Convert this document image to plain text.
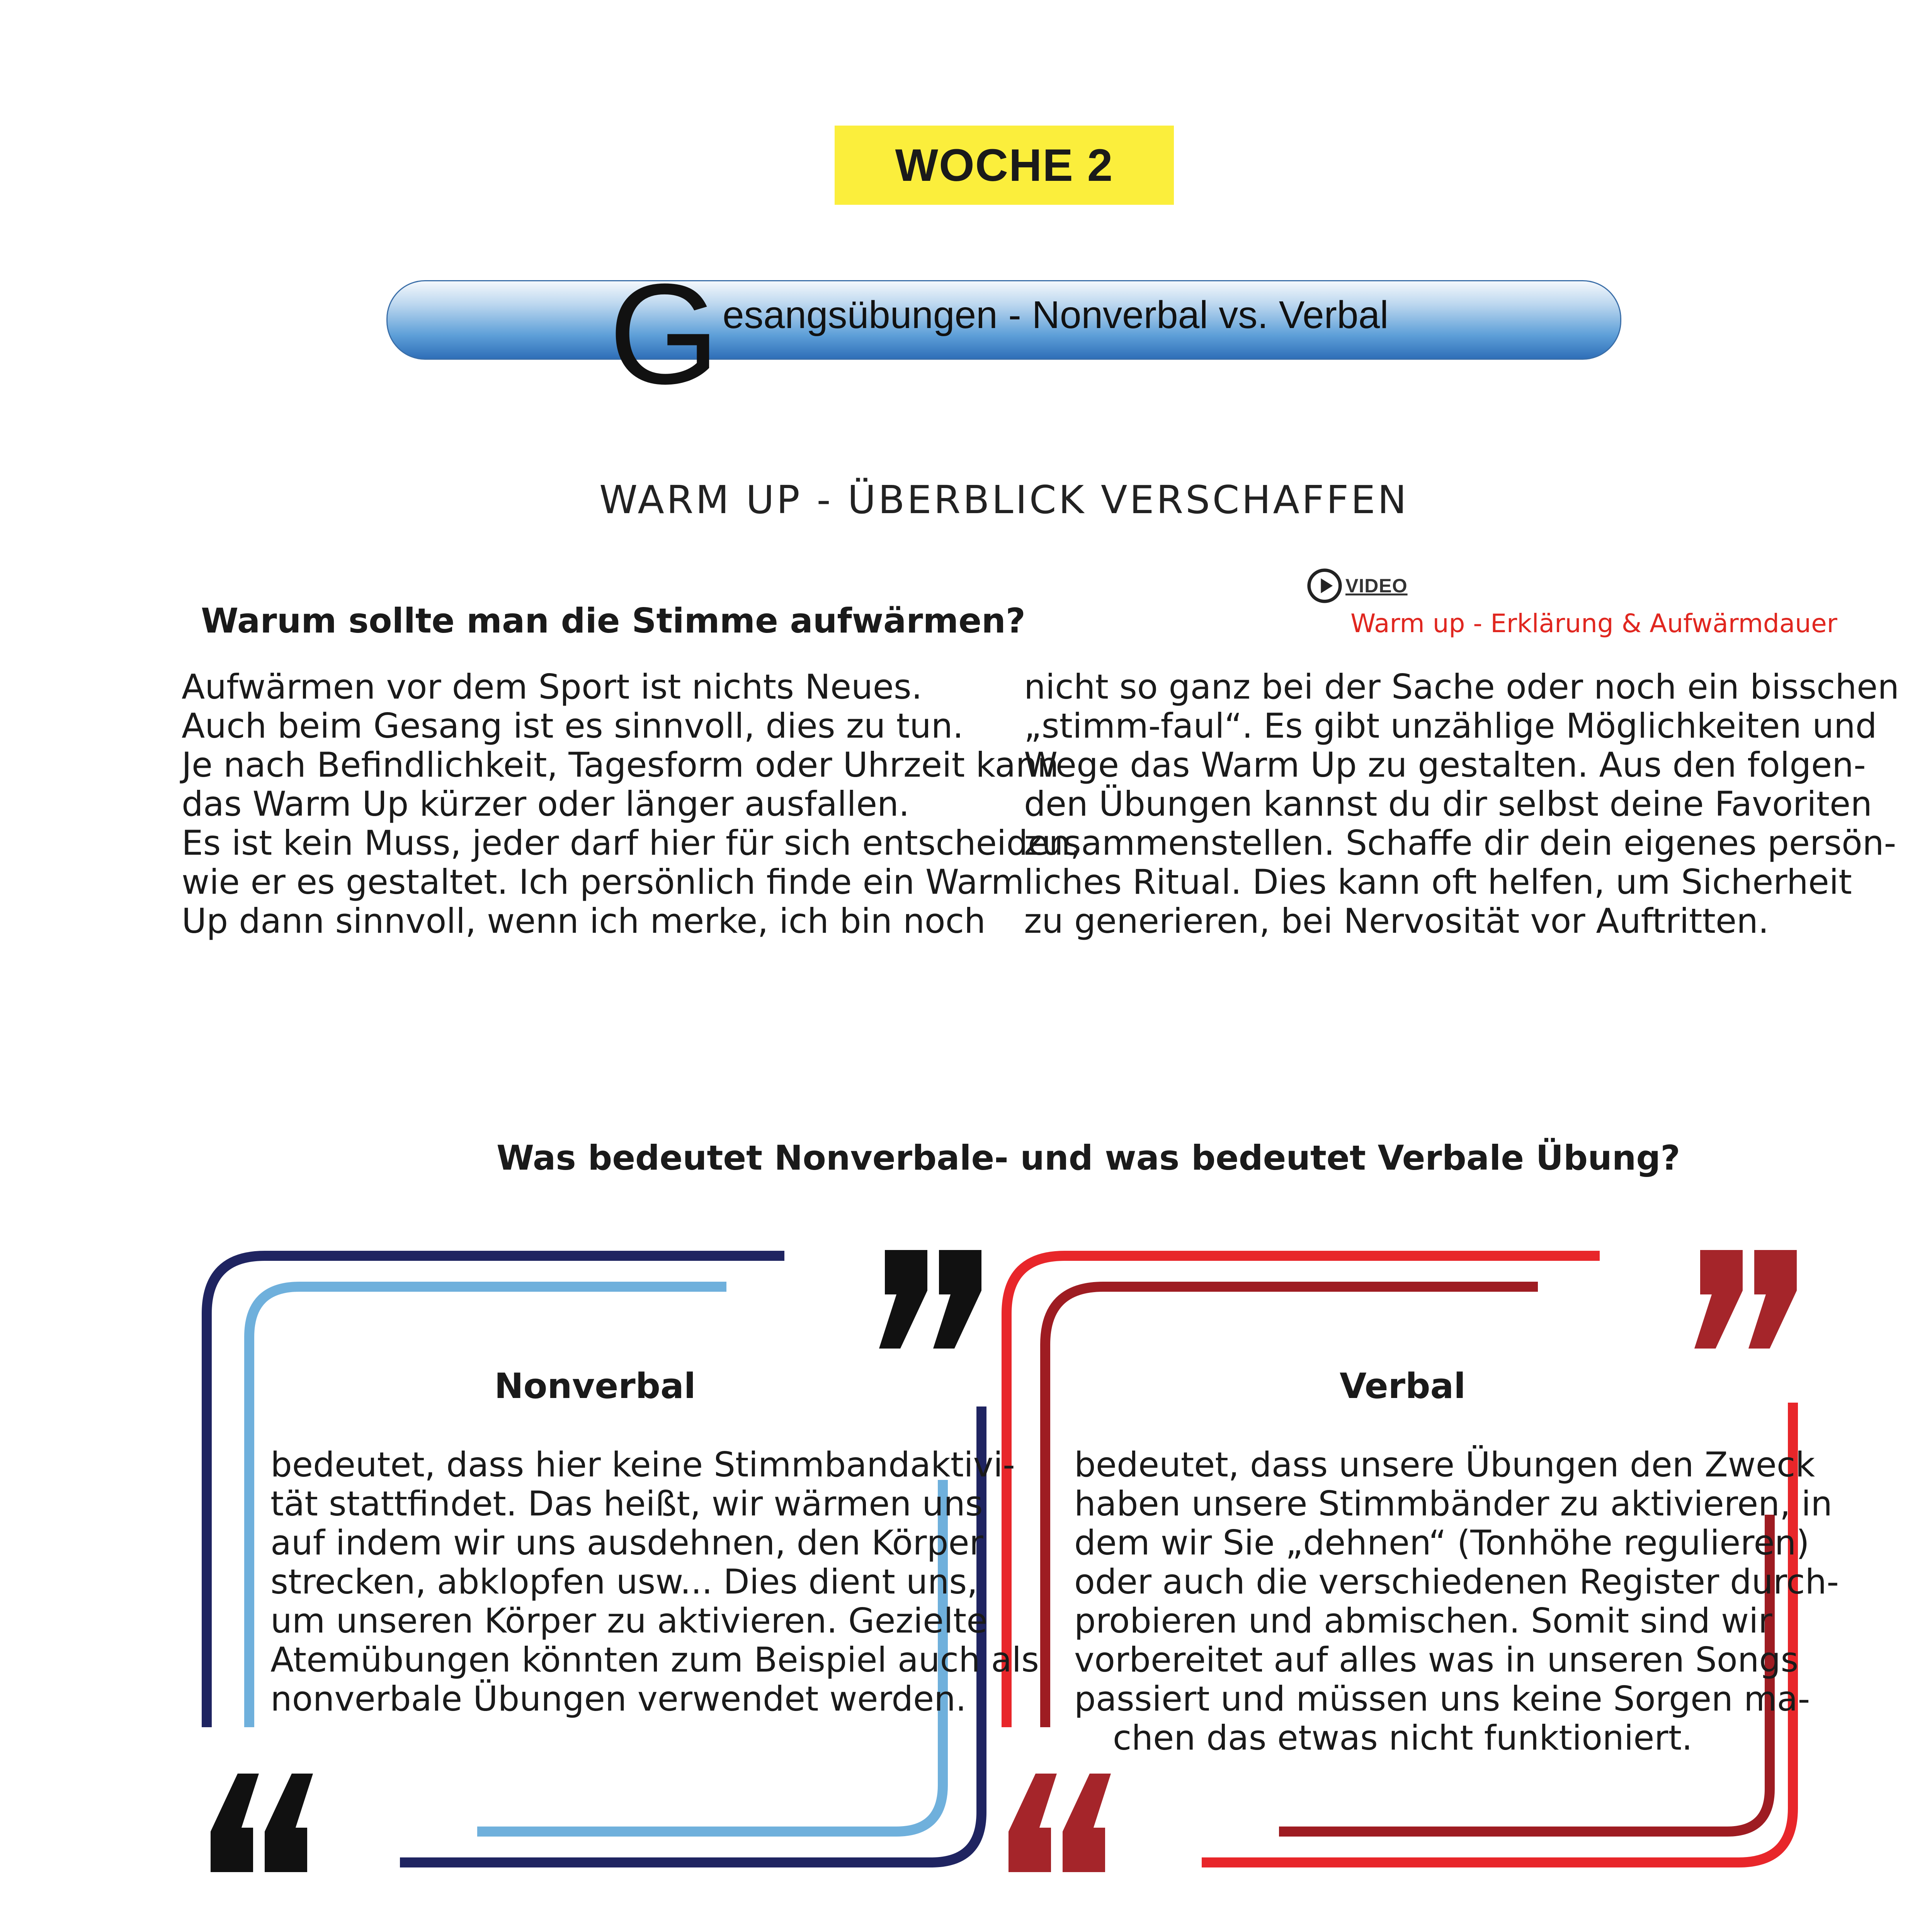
WOCHE 2
G esangsübungen - Nonverbal vs. Verbal
WARM UP - ÜBERBLICK VERSCHAFFEN
VIDEO
Warm up - Erklärung & Aufwärmdauer
Warum sollte man die Stimme aufwärmen?
Aufwärmen vor dem Sport ist nichts Neues.
Auch beim Gesang ist es sinnvoll, dies zu tun.
Je nach Befindlichkeit, Tagesform oder Uhrzeit kann
das Warm Up kürzer oder länger ausfallen.
Es ist kein Muss, jeder darf hier für sich entscheiden,
wie er es gestaltet. Ich persönlich finde ein Warm
Up dann sinnvoll, wenn ich merke, ich bin noch
nicht so ganz bei der Sache oder noch ein bisschen
„stimm-faul“. Es gibt unzählige Möglichkeiten und
Wege das Warm Up zu gestalten. Aus den folgen-
den Übungen kannst du dir selbst deine Favoriten
zusammenstellen. Schaffe dir dein eigenes persön-
liches Ritual. Dies kann oft helfen, um Sicherheit
zu generieren, bei Nervosität vor Auftritten.
Was bedeutet Nonverbale- und was bedeutet Verbale Übung?
Nonverbal
bedeutet, dass hier keine Stimmbandaktivi-
tät stattfindet. Das heißt, wir wärmen uns
auf indem wir uns ausdehnen, den Körper
strecken, abklopfen usw... Dies dient uns,
um unseren Körper zu aktivieren. Gezielte
Atemübungen könnten zum Beispiel auch als
nonverbale Übungen verwendet werden.
Verbal
bedeutet, dass unsere Übungen den Zweck
haben unsere Stimmbänder zu aktivieren, in
dem wir Sie „dehnen“ (Tonhöhe regulieren)
oder auch die verschiedenen Register durch-
probieren und abmischen. Somit sind wir
vorbereitet auf alles was in unseren Songs
passiert und müssen uns keine Sorgen ma-
chen das etwas nicht funktioniert.
